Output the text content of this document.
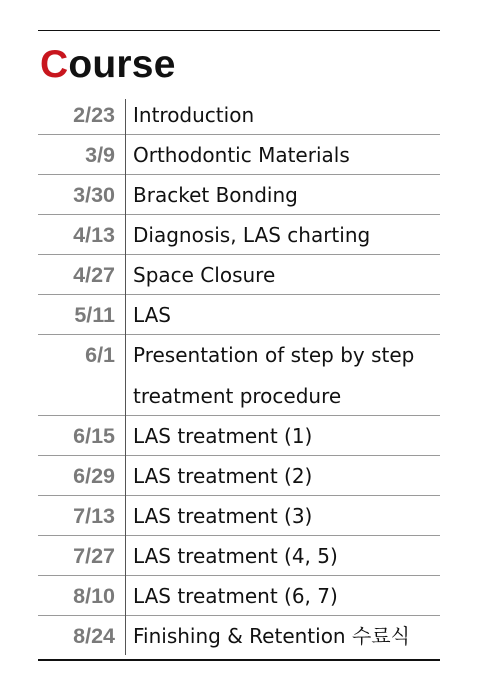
Course
2/23 Introduction
3/9 Orthodontic Materials
3/30 Bracket Bonding
4/13 Diagnosis, LAS charting
4/27 Space Closure
5/11 LAS
6/1 Presentation of step by step treatment procedure
6/15 LAS treatment (1)
6/29 LAS treatment (2)
7/13 LAS treatment (3)
7/27 LAS treatment (4, 5)
8/10 LAS treatment (6, 7)
8/24 Finishing & Retention 수료식
